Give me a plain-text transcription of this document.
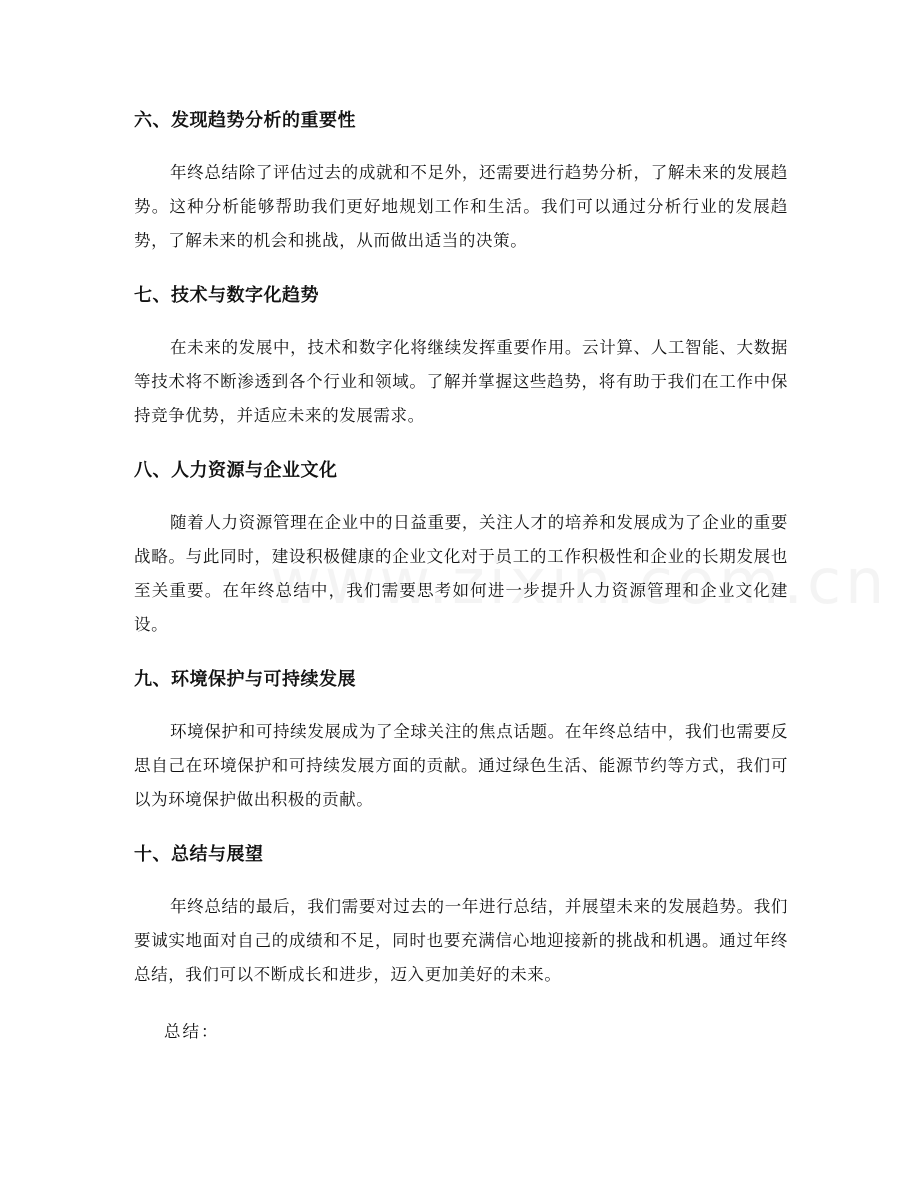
六、发现趋势分析的重要性

年终总结除了评估过去的成就和不足外，还需要进行趋势分析，了解未来的发展趋势。这种分析能够帮助我们更好地规划工作和生活。我们可以通过分析行业的发展趋势，了解未来的机会和挑战，从而做出适当的决策。

七、技术与数字化趋势

在未来的发展中，技术和数字化将继续发挥重要作用。云计算、人工智能、大数据等技术将不断渗透到各个行业和领域。了解并掌握这些趋势，将有助于我们在工作中保持竞争优势，并适应未来的发展需求。

八、人力资源与企业文化

随着人力资源管理在企业中的日益重要，关注人才的培养和发展成为了企业的重要战略。与此同时，建设积极健康的企业文化对于员工的工作积极性和企业的长期发展也至关重要。在年终总结中，我们需要思考如何进一步提升人力资源管理和企业文化建设。

九、环境保护与可持续发展

环境保护和可持续发展成为了全球关注的焦点话题。在年终总结中，我们也需要反思自己在环境保护和可持续发展方面的贡献。通过绿色生活、能源节约等方式，我们可以为环境保护做出积极的贡献。

十、总结与展望

年终总结的最后，我们需要对过去的一年进行总结，并展望未来的发展趋势。我们要诚实地面对自己的成绩和不足，同时也要充满信心地迎接新的挑战和机遇。通过年终总结，我们可以不断成长和进步，迈入更加美好的未来。

总结：
